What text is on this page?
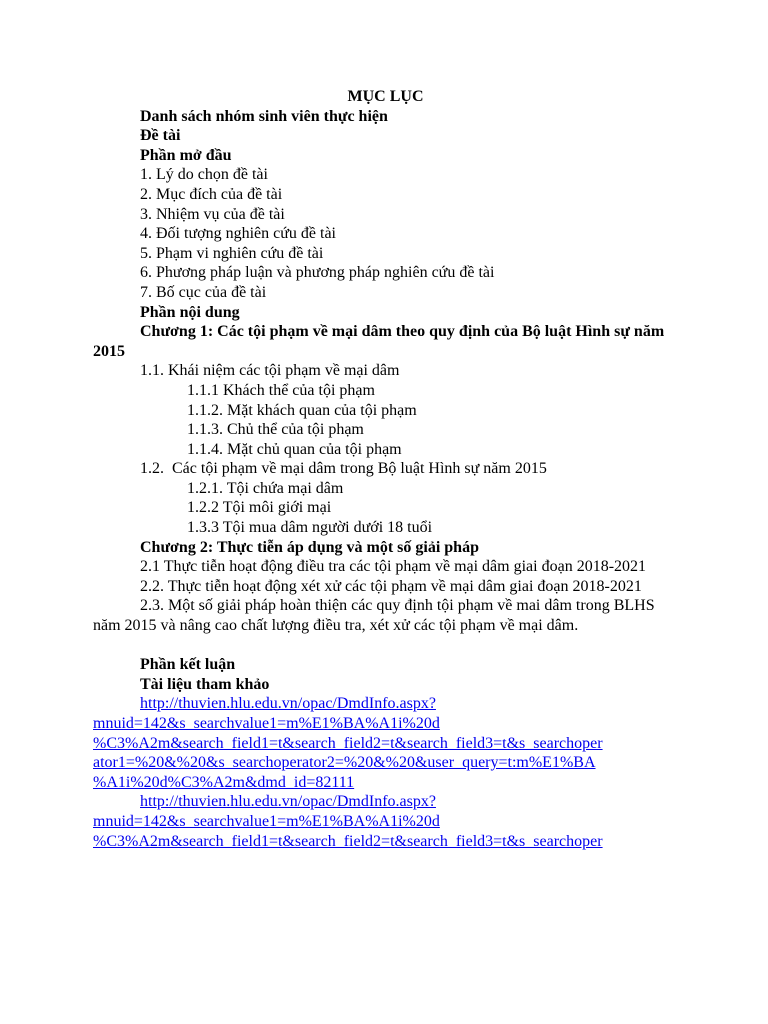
MỤC LỤC
Danh sách nhóm sinh viên thực hiện
Đề tài
Phần mở đầu
1. Lý do chọn đề tài
2. Mục đích của đề tài
3. Nhiệm vụ của đề tài
4. Đối tượng nghiên cứu đề tài
5. Phạm vi nghiên cứu đề tài
6. Phương pháp luận và phương pháp nghiên cứu đề tài
7. Bố cục của đề tài
Phần nội dung
Chương 1: Các tội phạm về mại dâm theo quy định của Bộ luật Hình sự năm 2015
1.1. Khái niệm các tội phạm về mại dâm
1.1.1 Khách thể của tội phạm
1.1.2. Mặt khách quan của tội phạm
1.1.3. Chủ thể của tội phạm
1.1.4. Mặt chủ quan của tội phạm
1.2.  Các tội phạm về mại dâm trong Bộ luật Hình sự năm 2015
1.2.1. Tội chứa mại dâm
1.2.2 Tội môi giới mại
1.3.3 Tội mua dâm người dưới 18 tuổi
Chương 2: Thực tiễn áp dụng và một số giải pháp
2.1 Thực tiễn hoạt động điều tra các tội phạm về mại dâm giai đoạn 2018-2021
2.2. Thực tiễn hoạt động xét xử các tội phạm về mại dâm giai đoạn 2018-2021
2.3. Một số giải pháp hoàn thiện các quy định tội phạm về mai dâm trong BLHS năm 2015 và nâng cao chất lượng điều tra, xét xử các tội phạm về mại dâm.
Phần kết luận
Tài liệu tham khảo
http://thuvien.hlu.edu.vn/opac/DmdInfo.aspx?
mnuid=142&s_searchvalue1=m%E1%BA%A1i%20d
%C3%A2m&search_field1=t&search_field2=t&search_field3=t&s_searchoper
ator1=%20&%20&s_searchoperator2=%20&%20&user_query=t:m%E1%BA
%A1i%20d%C3%A2m&dmd_id=82111
http://thuvien.hlu.edu.vn/opac/DmdInfo.aspx?
mnuid=142&s_searchvalue1=m%E1%BA%A1i%20d
%C3%A2m&search_field1=t&search_field2=t&search_field3=t&s_searchoper
